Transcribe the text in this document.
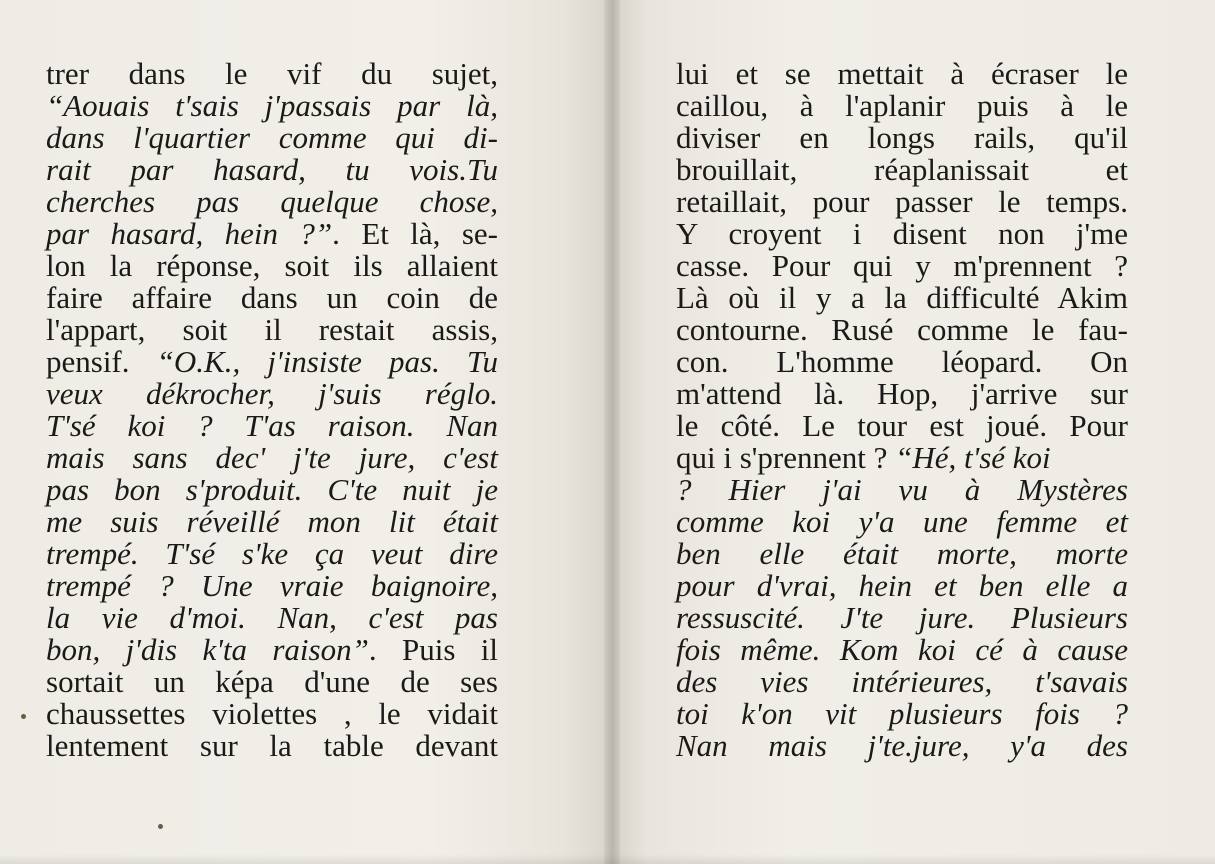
trer dans le vif du sujet,
“Aouais t'sais j'passais par là,
dans l'quartier comme qui di-
rait par hasard, tu vois.Tu
cherches pas quelque chose,
par hasard, hein ?”. Et là, se-
lon la réponse, soit ils allaient
faire affaire dans un coin de
l'appart, soit il restait assis,
pensif. “O.K., j'insiste pas. Tu
veux dékrocher, j'suis réglo.
T'sé koi ? T'as raison. Nan
mais sans dec' j'te jure, c'est
pas bon s'produit. C'te nuit je
me suis réveillé mon lit était
trempé. T'sé s'ke ça veut dire
trempé ? Une vraie baignoire,
la vie d'moi. Nan, c'est pas
bon, j'dis k'ta raison”. Puis il
sortait un képa d'une de ses
chaussettes violettes , le vidait
lentement sur la table devant
lui et se mettait à écraser le
caillou, à l'aplanir puis à le
diviser en longs rails, qu'il
brouillait, réaplanissait et
retaillait, pour passer le temps.
Y croyent i disent non j'me
casse. Pour qui y m'prennent ?
Là où il y a la difficulté Akim
contourne. Rusé comme le fau-
con. L'homme léopard. On
m'attend là. Hop, j'arrive sur
le côté. Le tour est joué. Pour
qui i s'prennent ? “Hé, t'sé koi
? Hier j'ai vu à Mystères
comme koi y'a une femme et
ben elle était morte, morte
pour d'vrai, hein et ben elle a
ressuscité. J'te jure. Plusieurs
fois même. Kom koi cé à cause
des vies intérieures, t'savais
toi k'on vit plusieurs fois ?
Nan mais j'te.jure, y'a des
